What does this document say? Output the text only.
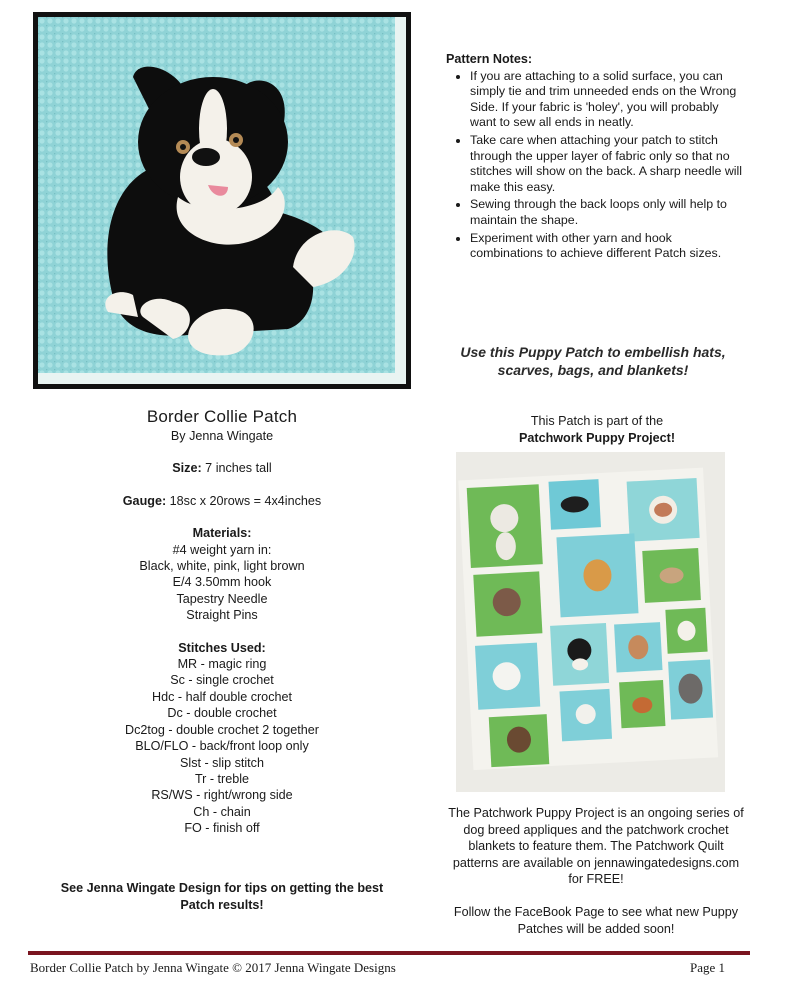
Pattern Notes:
• If you are attaching to a solid surface, you can simply tie and trim unneeded ends on the Wrong Side. If your fabric is 'holey', you will probably want to sew all ends in neatly.
• Take care when attaching your patch to stitch through the upper layer of fabric only so that no stitches will show on the back. A sharp needle will make this easy.
• Sewing through the back loops only will help to maintain the shape.
• Experiment with other yarn and hook combinations to achieve different Patch sizes.
Use this Puppy Patch to embellish hats, scarves, bags, and blankets!
Border Collie Patch
By Jenna Wingate
Size: 7 inches tall
Gauge: 18sc x 20rows = 4x4inches
Materials:
#4 weight yarn in:
Black, white, pink, light brown
E/4 3.50mm hook
Tapestry Needle
Straight Pins
Stitches Used:
MR - magic ring
Sc - single crochet
Hdc - half double crochet
Dc - double crochet
Dc2tog - double crochet 2 together
BLO/FLO - back/front loop only
Slst - slip stitch
Tr - treble
RS/WS - right/wrong side
Ch - chain
FO - finish off
See Jenna Wingate Design for tips on getting the best Patch results!
This Patch is part of the
Patchwork Puppy Project!

The Patchwork Puppy Project is an ongoing series of dog breed appliques and the patchwork crochet blankets to feature them. The Patchwork Quilt patterns are available on jennawingatedesigns.com for FREE!

Follow the FaceBook Page to see what new Puppy Patches will be added soon!

Border Collie Patch by Jenna Wingate © 2017 Jenna Wingate Designs	Page 1
